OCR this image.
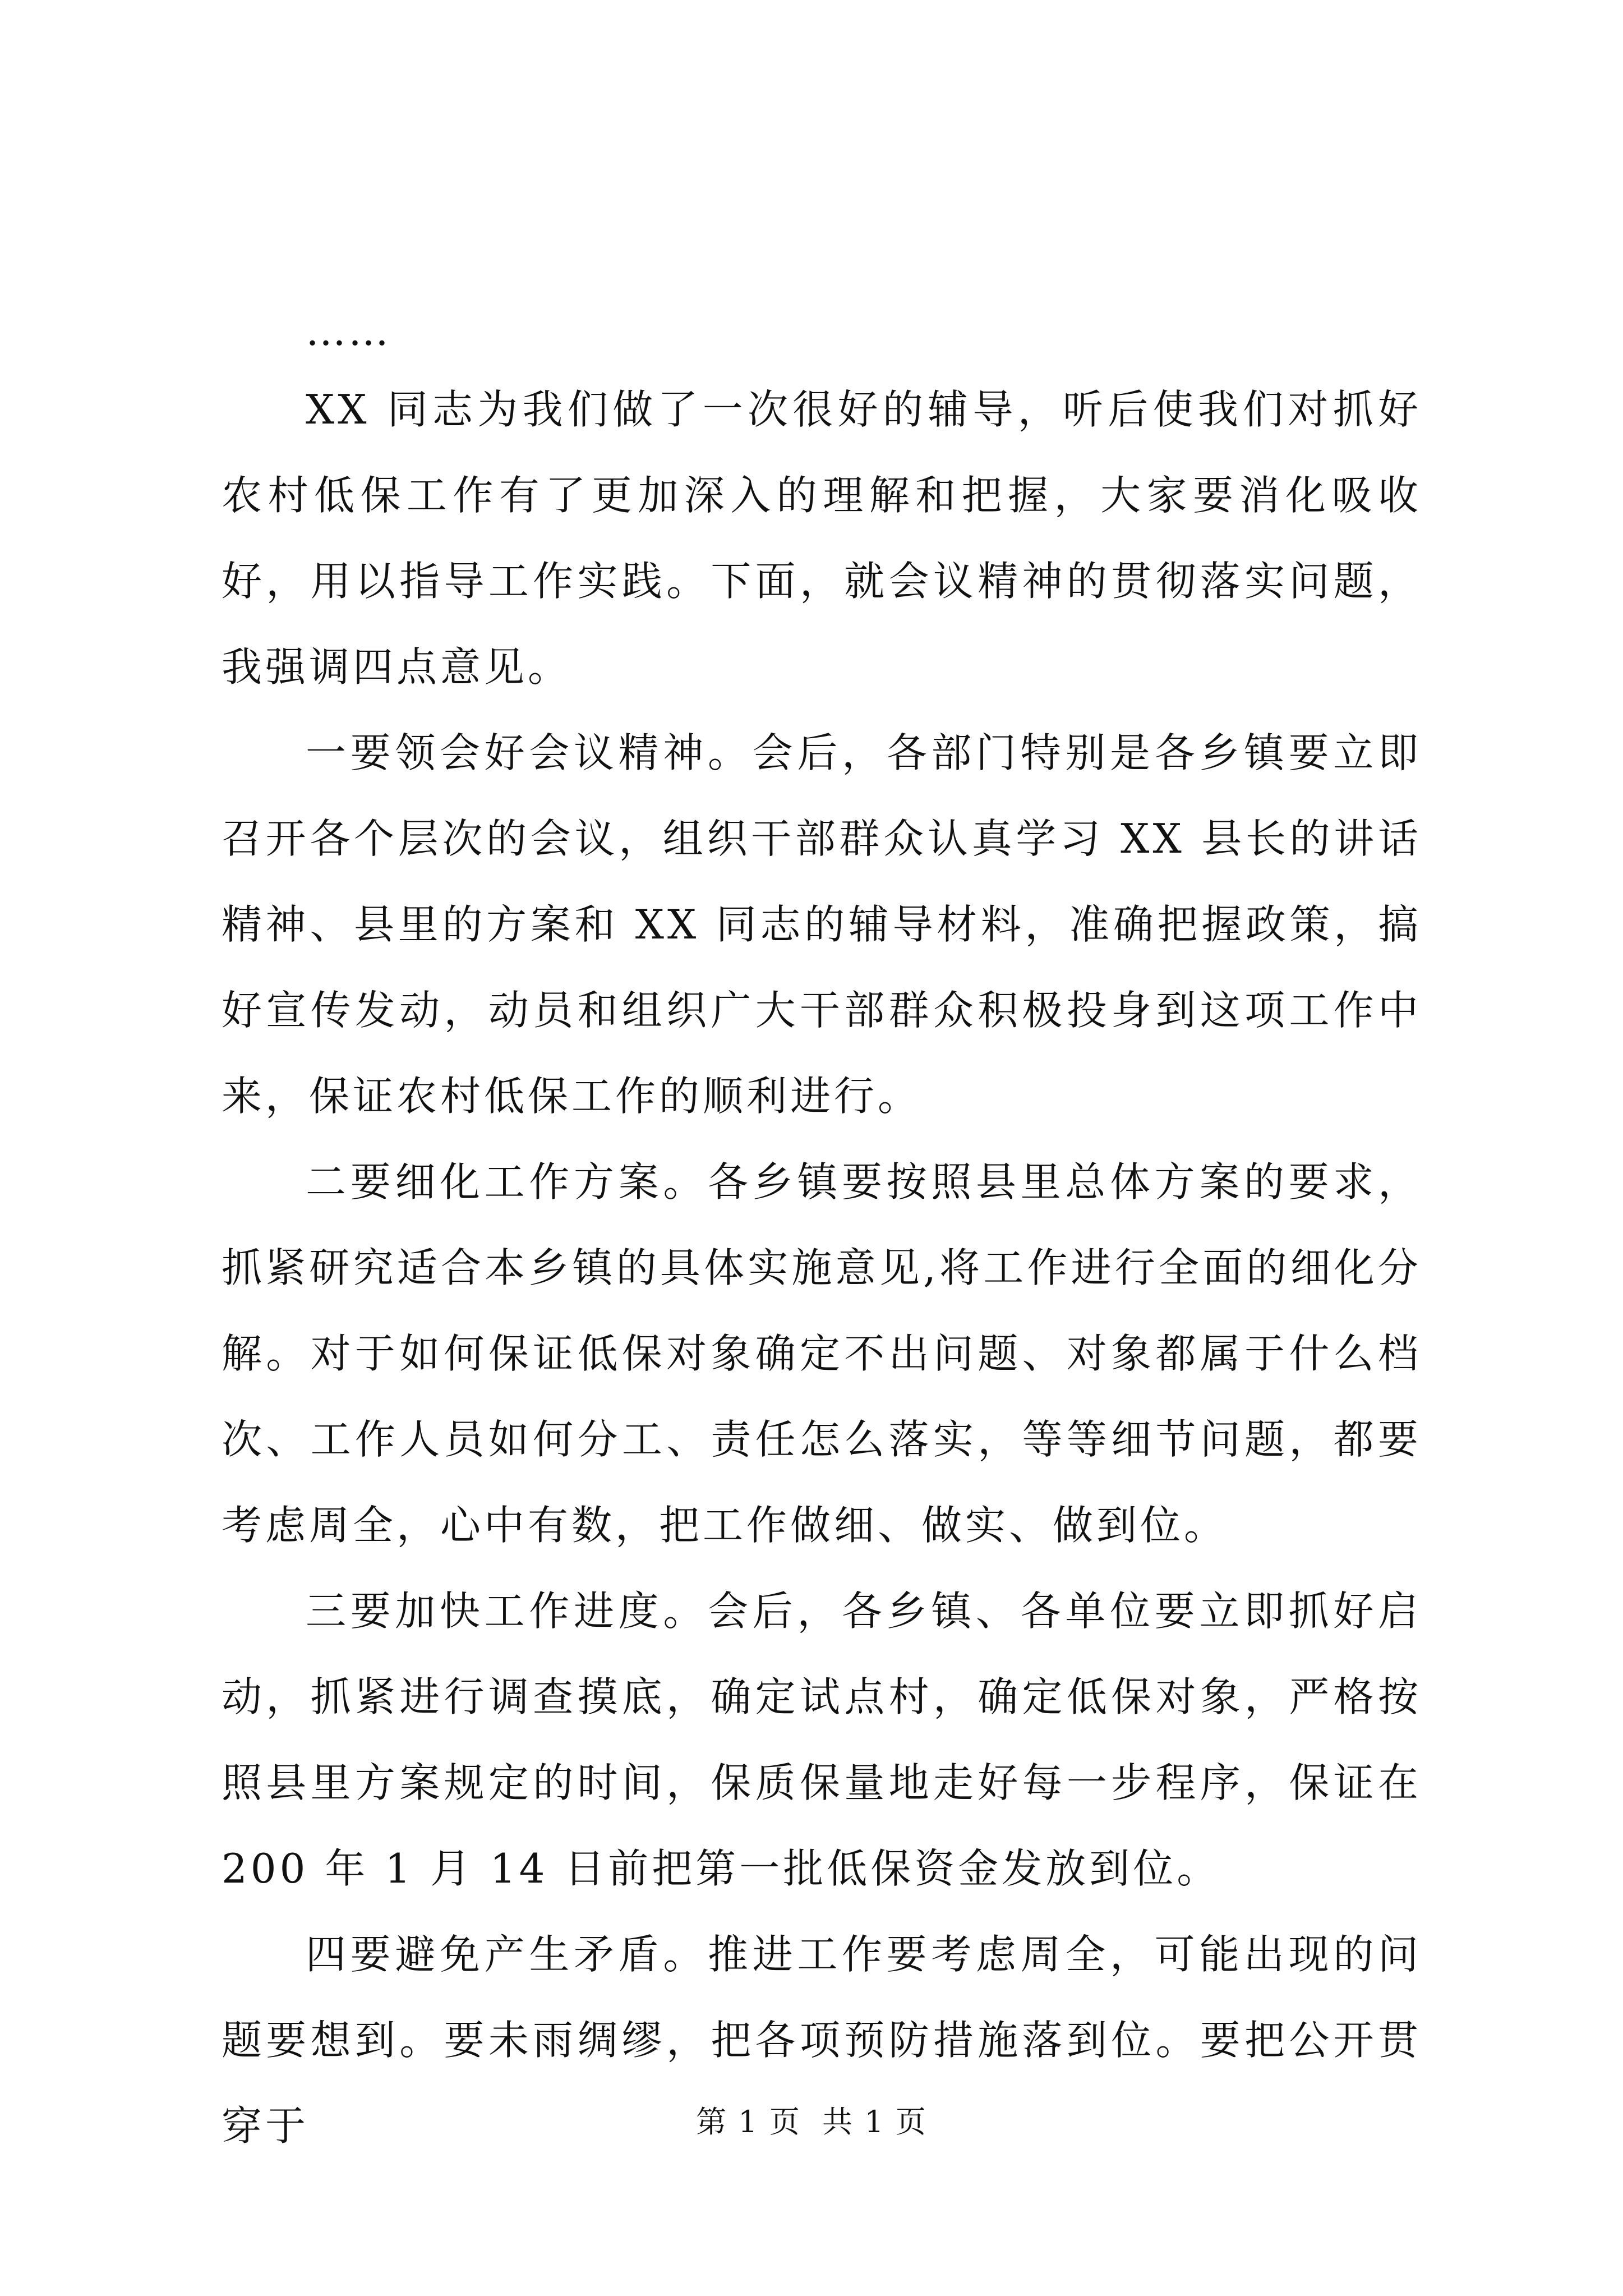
……

XX 同志为我们做了一次很好的辅导，听后使我们对抓好农村低保工作有了更加深入的理解和把握，大家要消化吸收好，用以指导工作实践。下面，就会议精神的贯彻落实问题，我强调四点意见。

一要领会好会议精神。会后，各部门特别是各乡镇要立即召开各个层次的会议，组织干部群众认真学习 XX 县长的讲话精神、县里的方案和 XX 同志的辅导材料，准确把握政策，搞好宣传发动，动员和组织广大干部群众积极投身到这项工作中来，保证农村低保工作的顺利进行。

二要细化工作方案。各乡镇要按照县里总体方案的要求，抓紧研究适合本乡镇的具体实施意见,将工作进行全面的细化分解。对于如何保证低保对象确定不出问题、对象都属于什么档次、工作人员如何分工、责任怎么落实，等等细节问题，都要考虑周全，心中有数，把工作做细、做实、做到位。

三要加快工作进度。会后，各乡镇、各单位要立即抓好启动，抓紧进行调查摸底，确定试点村，确定低保对象，严格按照县里方案规定的时间，保质保量地走好每一步程序，保证在 200 年 1 月 14 日前把第一批低保资金发放到位。

四要避免产生矛盾。推进工作要考虑周全，可能出现的问题要想到。要未雨绸缪，把各项预防措施落到位。要把公开贯穿于	第 1 页  共 1 页
